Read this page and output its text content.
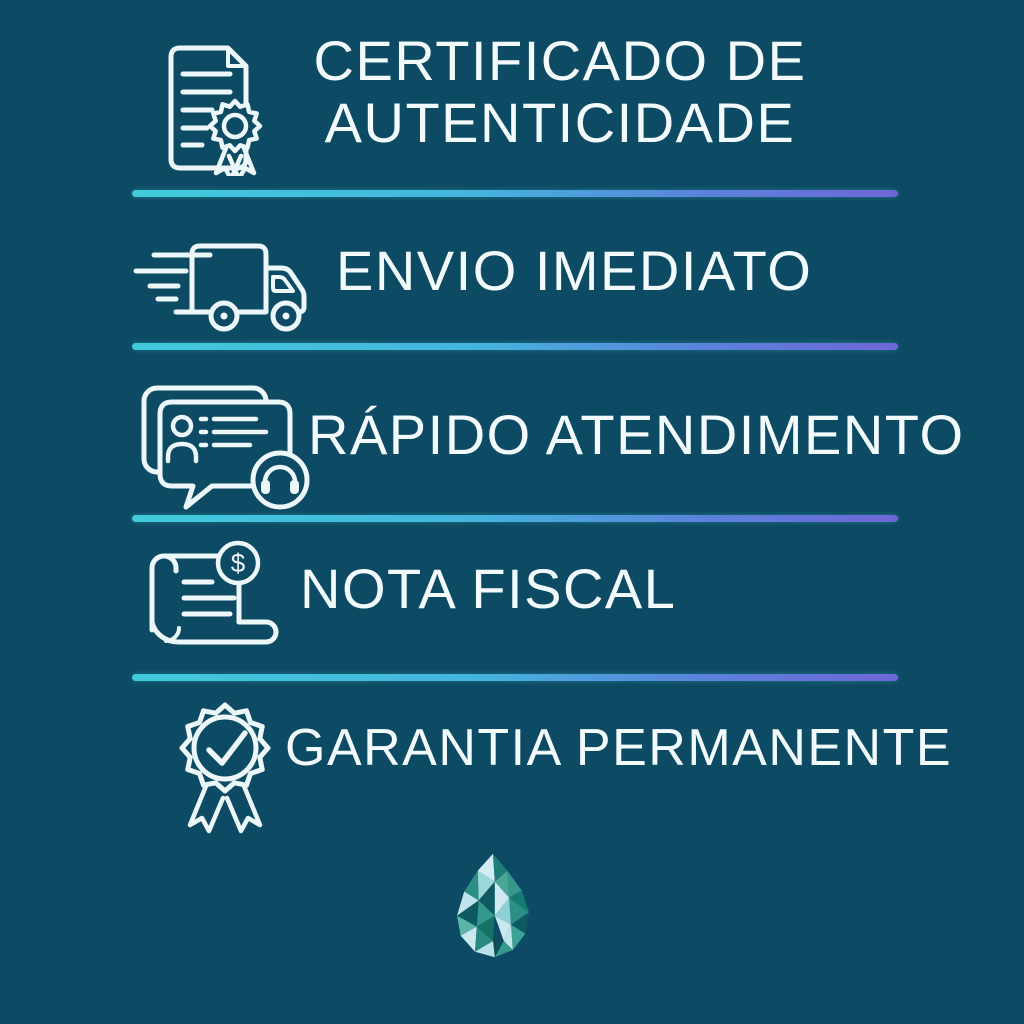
CERTIFICADO DE
AUTENTICIDADE
ENVIO IMEDIATO
RÁPIDO ATENDIMENTO
$ NOTA FISCAL
GARANTIA PERMANENTE
